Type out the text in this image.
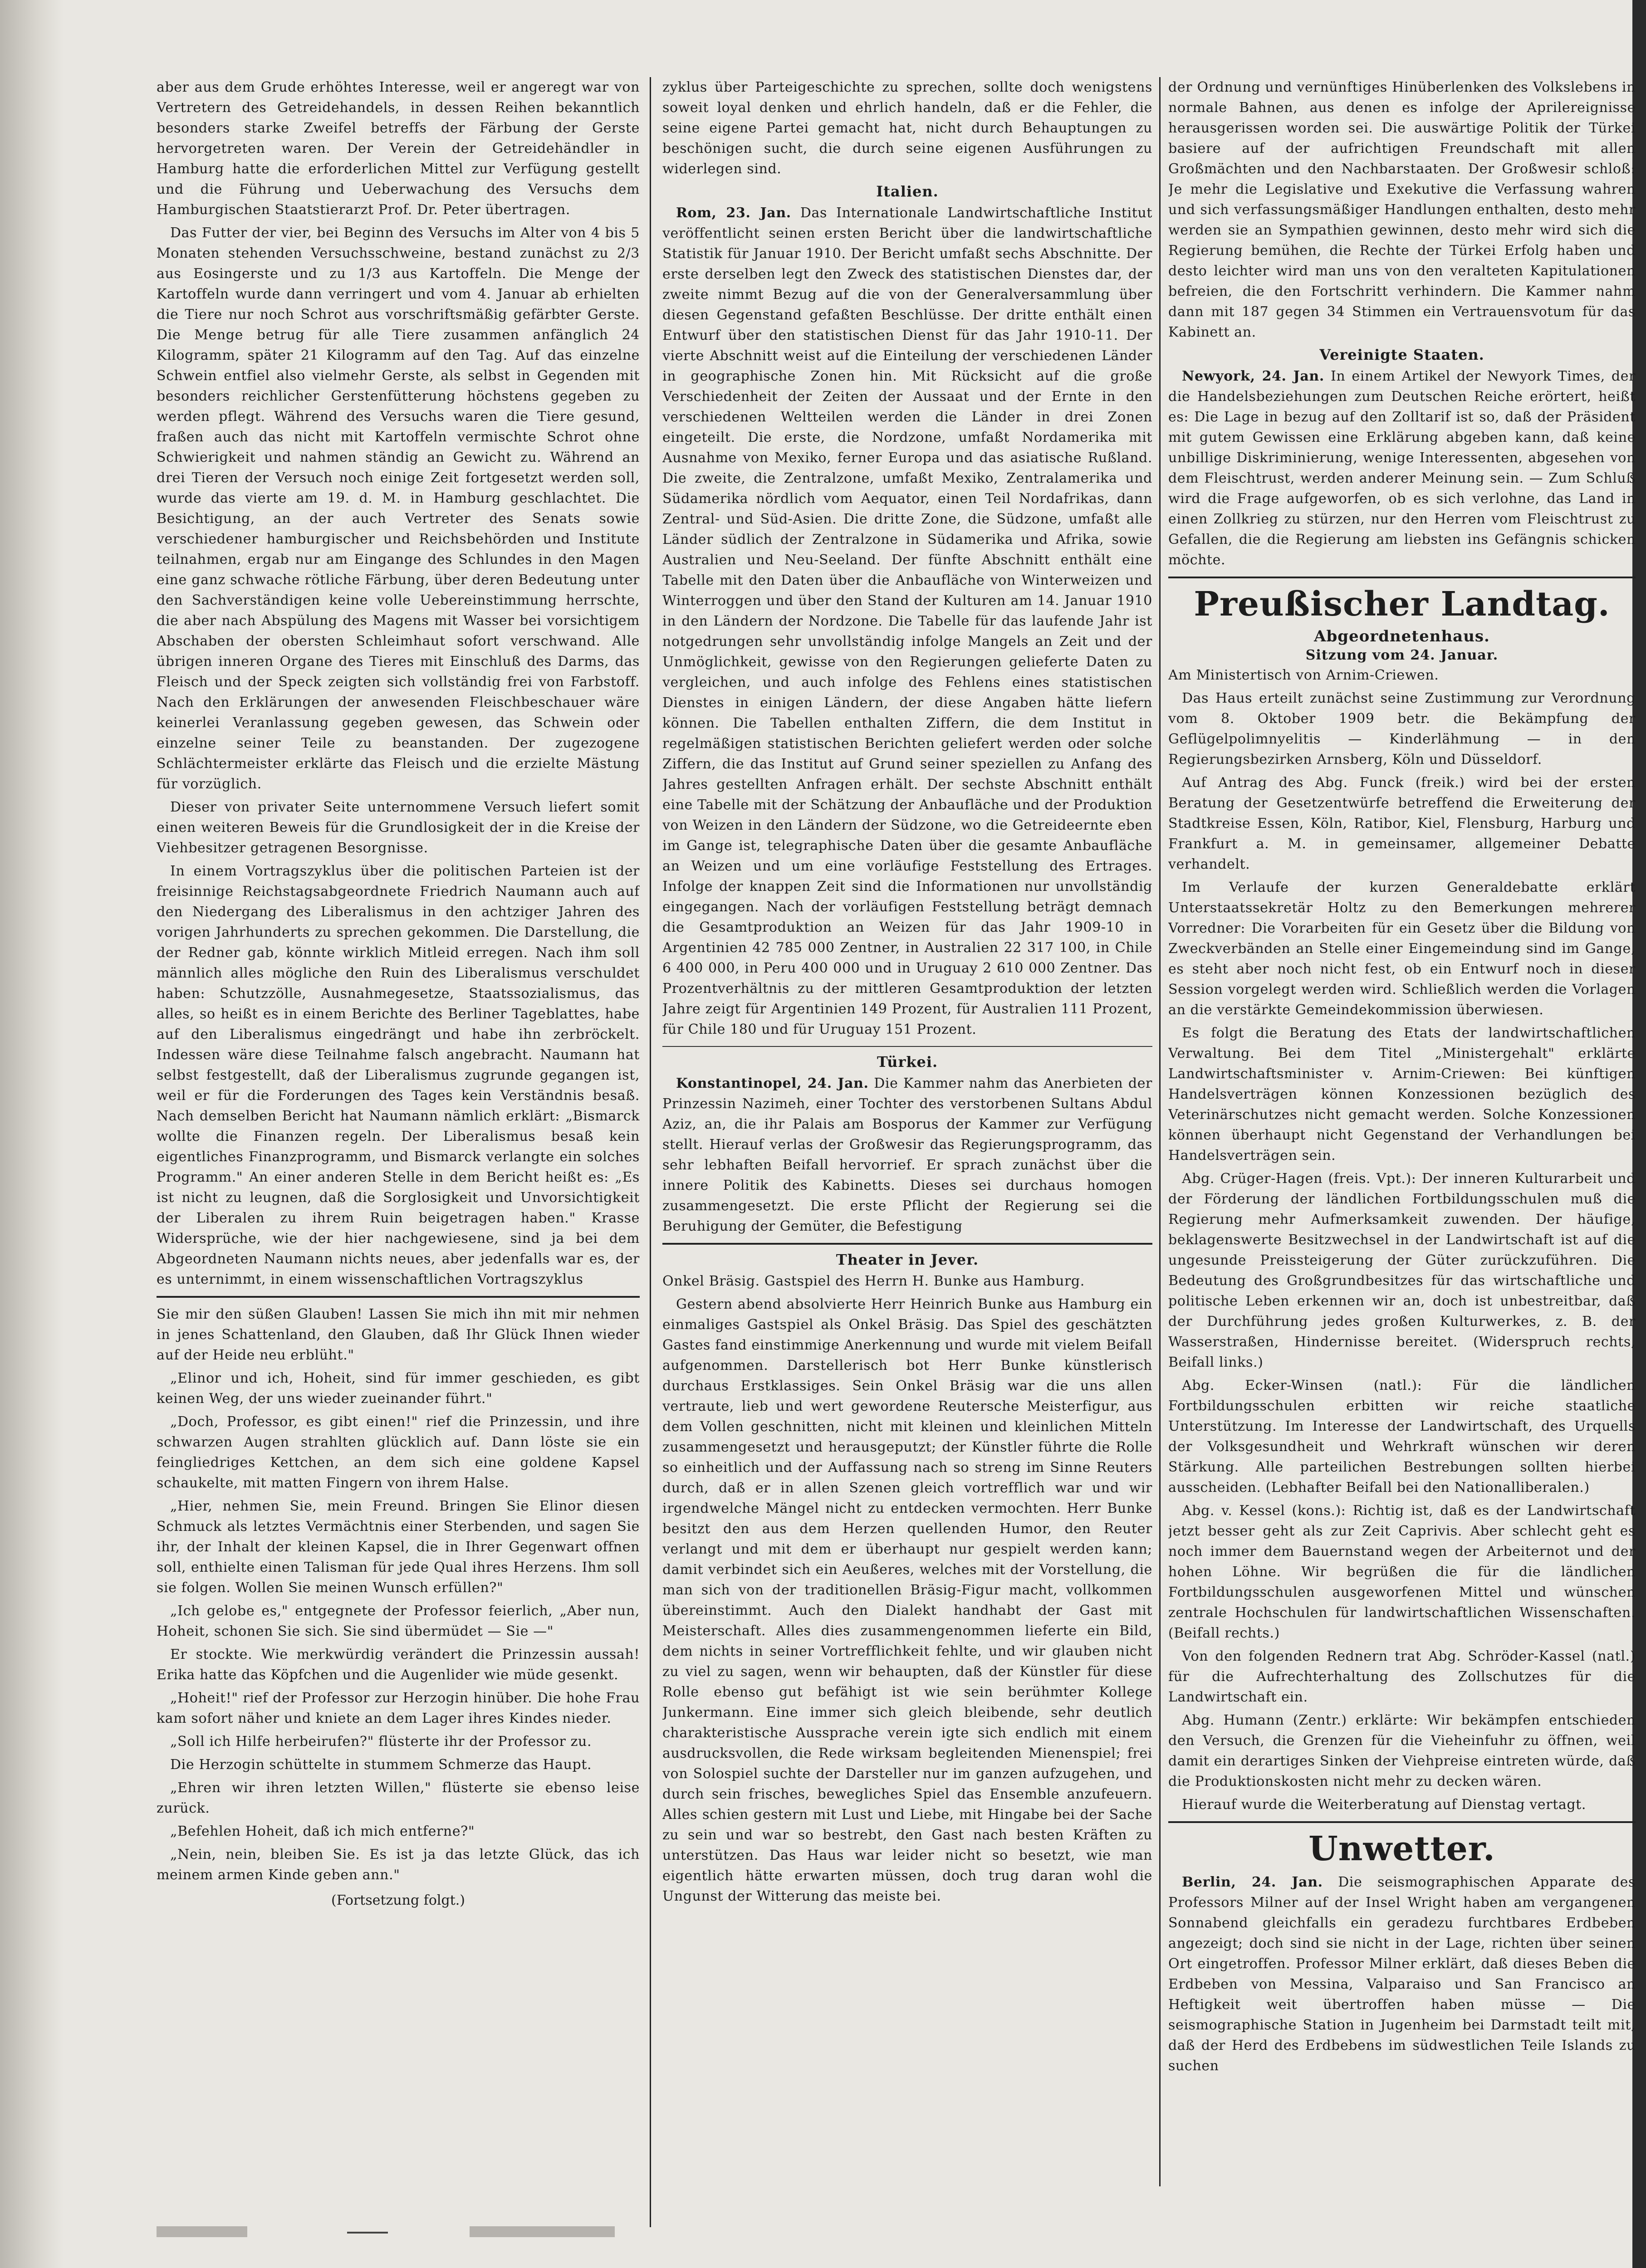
aber aus dem Grude erhöhtes Interesse, weil er angeregt war von Vertretern des Getreidehandels, in dessen Reihen bekanntlich besonders starke Zweifel betreffs der Färbung der Gerste hervorgetreten waren. Der Verein der Getreidehändler in Hamburg hatte die erforderlichen Mittel zur Verfügung gestellt und die Führung und Ueberwachung des Versuchs dem Hamburgischen Staatstierarzt Prof. Dr. Peter übertragen.

Das Futter der vier, bei Beginn des Versuchs im Alter von 4 bis 5 Monaten stehenden Versuchsschweine, bestand zunächst zu 2/3 aus Eosingerste und zu 1/3 aus Kartoffeln. Die Menge der Kartoffeln wurde dann verringert und vom 4. Januar ab erhielten die Tiere nur noch Schrot aus vorschriftsmäßig gefärbter Gerste. Die Menge betrug für alle Tiere zusammen anfänglich 24 Kilogramm, später 21 Kilogramm auf den Tag. Auf das einzelne Schwein entfiel also vielmehr Gerste, als selbst in Gegenden mit besonders reichlicher Gerstenfütterung höchstens gegeben zu werden pflegt. Während des Versuchs waren die Tiere gesund, fraßen auch das nicht mit Kartoffeln vermischte Schrot ohne Schwierigkeit und nahmen ständig an Gewicht zu. Während an drei Tieren der Versuch noch einige Zeit fortgesetzt werden soll, wurde das vierte am 19. d. M. in Hamburg geschlachtet. Die Besichtigung, an der auch Vertreter des Senats sowie verschiedener hamburgischer und Reichsbehörden und Institute teilnahmen, ergab nur am Eingange des Schlundes in den Magen eine ganz schwache rötliche Färbung, über deren Bedeutung unter den Sachverständigen keine volle Uebereinstimmung herrschte, die aber nach Abspülung des Magens mit Wasser bei vorsichtigem Abschaben der obersten Schleimhaut sofort verschwand. Alle übrigen inneren Organe des Tieres mit Einschluß des Darms, das Fleisch und der Speck zeigten sich vollständig frei von Farbstoff. Nach den Erklärungen der anwesenden Fleischbeschauer wäre keinerlei Veranlassung gegeben gewesen, das Schwein oder einzelne seiner Teile zu beanstanden. Der zugezogene Schlächtermeister erklärte das Fleisch und die erzielte Mästung für vorzüglich.

Dieser von privater Seite unternommene Versuch liefert somit einen weiteren Beweis für die Grundlosigkeit der in die Kreise der Viehbesitzer getragenen Besorgnisse.

In einem Vortragszyklus über die politischen Parteien ist der freisinnige Reichstagsabgeordnete Friedrich Naumann auch auf den Niedergang des Liberalismus in den achtziger Jahren des vorigen Jahrhunderts zu sprechen gekommen. Die Darstellung, die der Redner gab, könnte wirklich Mitleid erregen. Nach ihm soll männlich alles mögliche den Ruin des Liberalismus verschuldet haben: Schutzzölle, Ausnahmegesetze, Staatssozialismus, das alles, so heißt es in einem Berichte des Berliner Tageblattes, habe auf den Liberalismus eingedrängt und habe ihn zerbröckelt. Indessen wäre diese Teilnahme falsch angebracht. Naumann hat selbst festgestellt, daß der Liberalismus zugrunde gegangen ist, weil er für die Forderungen des Tages kein Verständnis besaß. Nach demselben Bericht hat Naumann nämlich erklärt: „Bismarck wollte die Finanzen regeln. Der Liberalismus besaß kein eigentliches Finanzprogramm, und Bismarck verlangte ein solches Programm." An einer anderen Stelle in dem Bericht heißt es: „Es ist nicht zu leugnen, daß die Sorglosigkeit und Unvorsichtigkeit der Liberalen zu ihrem Ruin beigetragen haben." Krasse Widersprüche, wie der hier nachgewiesene, sind ja bei dem Abgeordneten Naumann nichts neues, aber jedenfalls war es, der es unternimmt, in einem wissenschaftlichen Vortragszyklus

Sie mir den süßen Glauben! Lassen Sie mich ihn mit mir nehmen in jenes Schattenland, den Glauben, daß Ihr Glück Ihnen wieder auf der Heide neu erblüht."

„Elinor und ich, Hoheit, sind für immer geschieden, es gibt keinen Weg, der uns wieder zueinander führt."

„Doch, Professor, es gibt einen!" rief die Prinzessin, und ihre schwarzen Augen strahlten glücklich auf. Dann löste sie ein feingliedriges Kettchen, an dem sich eine goldene Kapsel schaukelte, mit matten Fingern von ihrem Halse.

„Hier, nehmen Sie, mein Freund. Bringen Sie Elinor diesen Schmuck als letztes Vermächtnis einer Sterbenden, und sagen Sie ihr, der Inhalt der kleinen Kapsel, die in Ihrer Gegenwart offnen soll, enthielte einen Talisman für jede Qual ihres Herzens. Ihm soll sie folgen. Wollen Sie meinen Wunsch erfüllen?"

„Ich gelobe es," entgegnete der Professor feierlich, „Aber nun, Hoheit, schonen Sie sich. Sie sind übermüdet — Sie —"

Er stockte. Wie merkwürdig verändert die Prinzessin aussah! Erika hatte das Köpfchen und die Augenlider wie müde gesenkt.

„Hoheit!" rief der Professor zur Herzogin hinüber. Die hohe Frau kam sofort näher und kniete an dem Lager ihres Kindes nieder.

„Soll ich Hilfe herbeirufen?" flüsterte ihr der Professor zu.

Die Herzogin schüttelte in stummem Schmerze das Haupt.

„Ehren wir ihren letzten Willen," flüsterte sie ebenso leise zurück.

„Befehlen Hoheit, daß ich mich entferne?"

„Nein, nein, bleiben Sie. Es ist ja das letzte Glück, das ich meinem armen Kinde geben ann."

(Fortsetzung folgt.)

zyklus über Parteigeschichte zu sprechen, sollte doch wenigstens soweit loyal denken und ehrlich handeln, daß er die Fehler, die seine eigene Partei gemacht hat, nicht durch Behauptungen zu beschönigen sucht, die durch seine eigenen Ausführungen zu widerlegen sind.

Italien.

Rom, 23. Jan. Das Internationale Landwirtschaftliche Institut veröffentlicht seinen ersten Bericht über die landwirtschaftliche Statistik für Januar 1910. Der Bericht umfaßt sechs Abschnitte. Der erste derselben legt den Zweck des statistischen Dienstes dar, der zweite nimmt Bezug auf die von der Generalversammlung über diesen Gegenstand gefaßten Beschlüsse. Der dritte enthält einen Entwurf über den statistischen Dienst für das Jahr 1910-11. Der vierte Abschnitt weist auf die Einteilung der verschiedenen Länder in geographische Zonen hin. Mit Rücksicht auf die große Verschiedenheit der Zeiten der Aussaat und der Ernte in den verschiedenen Weltteilen werden die Länder in drei Zonen eingeteilt. Die erste, die Nordzone, umfaßt Nordamerika mit Ausnahme von Mexiko, ferner Europa und das asiatische Rußland. Die zweite, die Zentralzone, umfaßt Mexiko, Zentralamerika und Südamerika nördlich vom Aequator, einen Teil Nordafrikas, dann Zentral- und Süd-Asien. Die dritte Zone, die Südzone, umfaßt alle Länder südlich der Zentralzone in Südamerika und Afrika, sowie Australien und Neu-Seeland. Der fünfte Abschnitt enthält eine Tabelle mit den Daten über die Anbaufläche von Winterweizen und Winterroggen und über den Stand der Kulturen am 14. Januar 1910 in den Ländern der Nordzone. Die Tabelle für das laufende Jahr ist notgedrungen sehr unvollständig infolge Mangels an Zeit und der Unmöglichkeit, gewisse von den Regierungen gelieferte Daten zu vergleichen, und auch infolge des Fehlens eines statistischen Dienstes in einigen Ländern, der diese Angaben hätte liefern können. Die Tabellen enthalten Ziffern, die dem Institut in regelmäßigen statistischen Berichten geliefert werden oder solche Ziffern, die das Institut auf Grund seiner speziellen zu Anfang des Jahres gestellten Anfragen erhält. Der sechste Abschnitt enthält eine Tabelle mit der Schätzung der Anbaufläche und der Produktion von Weizen in den Ländern der Südzone, wo die Getreideernte eben im Gange ist, telegraphische Daten über die gesamte Anbaufläche an Weizen und um eine vorläufige Feststellung des Ertrages. Infolge der knappen Zeit sind die Informationen nur unvollständig eingegangen. Nach der vorläufigen Feststellung beträgt demnach die Gesamtproduktion an Weizen für das Jahr 1909-10 in Argentinien 42 785 000 Zentner, in Australien 22 317 100, in Chile 6 400 000, in Peru 400 000 und in Uruguay 2 610 000 Zentner. Das Prozentverhältnis zu der mittleren Gesamtproduktion der letzten Jahre zeigt für Argentinien 149 Prozent, für Australien 111 Prozent, für Chile 180 und für Uruguay 151 Prozent.

Türkei.

Konstantinopel, 24. Jan. Die Kammer nahm das Anerbieten der Prinzessin Nazimeh, einer Tochter des verstorbenen Sultans Abdul Aziz, an, die ihr Palais am Bosporus der Kammer zur Verfügung stellt. Hierauf verlas der Großwesir das Regierungsprogramm, das sehr lebhaften Beifall hervorrief. Er sprach zunächst über die innere Politik des Kabinetts. Dieses sei durchaus homogen zusammengesetzt. Die erste Pflicht der Regierung sei die Beruhigung der Gemüter, die Befestigung

Theater in Jever.

Onkel Bräsig. Gastspiel des Herrn H. Bunke aus Hamburg.

Gestern abend absolvierte Herr Heinrich Bunke aus Hamburg ein einmaliges Gastspiel als Onkel Bräsig. Das Spiel des geschätzten Gastes fand einstimmige Anerkennung und wurde mit vielem Beifall aufgenommen. Darstellerisch bot Herr Bunke künstlerisch durchaus Erstklassiges. Sein Onkel Bräsig war die uns allen vertraute, lieb und wert gewordene Reutersche Meisterfigur, aus dem Vollen geschnitten, nicht mit kleinen und kleinlichen Mitteln zusammengesetzt und herausgeputzt; der Künstler führte die Rolle so einheitlich und der Auffassung nach so streng im Sinne Reuters durch, daß er in allen Szenen gleich vortrefflich war und wir irgendwelche Mängel nicht zu entdecken vermochten. Herr Bunke besitzt den aus dem Herzen quellenden Humor, den Reuter verlangt und mit dem er überhaupt nur gespielt werden kann; damit verbindet sich ein Aeußeres, welches mit der Vorstellung, die man sich von der traditionellen Bräsig-Figur macht, vollkommen übereinstimmt. Auch den Dialekt handhabt der Gast mit Meisterschaft. Alles dies zusammengenommen lieferte ein Bild, dem nichts in seiner Vortrefflichkeit fehlte, und wir glauben nicht zu viel zu sagen, wenn wir behaupten, daß der Künstler für diese Rolle ebenso gut befähigt ist wie sein berühmter Kollege Junkermann. Eine immer sich gleich bleibende, sehr deutlich charakteristische Aussprache verein igte sich endlich mit einem ausdrucksvollen, die Rede wirksam begleitenden Mienenspiel; frei von Solospiel suchte der Darsteller nur im ganzen aufzugehen, und durch sein frisches, bewegliches Spiel das Ensemble anzufeuern. Alles schien gestern mit Lust und Liebe, mit Hingabe bei der Sache zu sein und war so bestrebt, den Gast nach besten Kräften zu unterstützen. Das Haus war leider nicht so besetzt, wie man eigentlich hätte erwarten müssen, doch trug daran wohl die Ungunst der Witterung das meiste bei.

der Ordnung und vernünftiges Hinüberlenken des Volkslebens in normale Bahnen, aus denen es infolge der Aprilereignisse herausgerissen worden sei. Die auswärtige Politik der Türkei basiere auf der aufrichtigen Freundschaft mit allen Großmächten und den Nachbarstaaten. Der Großwesir schloß: Je mehr die Legislative und Exekutive die Verfassung wahren und sich verfassungsmäßiger Handlungen enthalten, desto mehr werden sie an Sympathien gewinnen, desto mehr wird sich die Regierung bemühen, die Rechte der Türkei Erfolg haben und desto leichter wird man uns von den veralteten Kapitulationen befreien, die den Fortschritt verhindern. Die Kammer nahm dann mit 187 gegen 34 Stimmen ein Vertrauensvotum für das Kabinett an.

Vereinigte Staaten.

Newyork, 24. Jan. In einem Artikel der Newyork Times, der die Handelsbeziehungen zum Deutschen Reiche erörtert, heißt es: Die Lage in bezug auf den Zolltarif ist so, daß der Präsident mit gutem Gewissen eine Erklärung abgeben kann, daß keine unbillige Diskriminierung, wenige Interessenten, abgesehen von dem Fleischtrust, werden anderer Meinung sein. — Zum Schluß wird die Frage aufgeworfen, ob es sich verlohne, das Land in einen Zollkrieg zu stürzen, nur den Herren vom Fleischtrust zu Gefallen, die die Regierung am liebsten ins Gefängnis schicken möchte.

Preußischer Landtag.
Abgeordnetenhaus.
Sitzung vom 24. Januar.

Am Ministertisch von Arnim-Criewen.

Das Haus erteilt zunächst seine Zustimmung zur Verordnung vom 8. Oktober 1909 betr. die Bekämpfung der Geflügelpolimnyelitis — Kinderlähmung — in den Regierungsbezirken Arnsberg, Köln und Düsseldorf.

Auf Antrag des Abg. Funck (freik.) wird bei der ersten Beratung der Gesetzentwürfe betreffend die Erweiterung der Stadtkreise Essen, Köln, Ratibor, Kiel, Flensburg, Harburg und Frankfurt a. M. in gemeinsamer, allgemeiner Debatte verhandelt.

Im Verlaufe der kurzen Generaldebatte erklärt Unterstaatssekretär Holtz zu den Bemerkungen mehrerer Vorredner: Die Vorarbeiten für ein Gesetz über die Bildung von Zweckverbänden an Stelle einer Eingemeindung sind im Gange, es steht aber noch nicht fest, ob ein Entwurf noch in dieser Session vorgelegt werden wird. Schließlich werden die Vorlagen an die verstärkte Gemeindekommission überwiesen.

Es folgt die Beratung des Etats der landwirtschaftlichen Verwaltung. Bei dem Titel „Ministergehalt" erklärte Landwirtschaftsminister v. Arnim-Criewen: Bei künftigen Handelsverträgen können Konzessionen bezüglich des Veterinärschutzes nicht gemacht werden. Solche Konzessionen können überhaupt nicht Gegenstand der Verhandlungen bei Handelsverträgen sein.

Abg. Crüger-Hagen (freis. Vpt.): Der inneren Kulturarbeit und der Förderung der ländlichen Fortbildungsschulen muß die Regierung mehr Aufmerksamkeit zuwenden. Der häufige, beklagenswerte Besitzwechsel in der Landwirtschaft ist auf die ungesunde Preissteigerung der Güter zurückzuführen. Die Bedeutung des Großgrundbesitzes für das wirtschaftliche und politische Leben erkennen wir an, doch ist unbestreitbar, daß der Durchführung jedes großen Kulturwerkes, z. B. der Wasserstraßen, Hindernisse bereitet. (Widerspruch rechts, Beifall links.)

Abg. Ecker-Winsen (natl.): Für die ländlichen Fortbildungsschulen erbitten wir reiche staatliche Unterstützung. Im Interesse der Landwirtschaft, des Urquells der Volksgesundheit und Wehrkraft wünschen wir deren Stärkung. Alle parteilichen Bestrebungen sollten hierbei ausscheiden. (Lebhafter Beifall bei den Nationalliberalen.)

Abg. v. Kessel (kons.): Richtig ist, daß es der Landwirtschaft jetzt besser geht als zur Zeit Caprivis. Aber schlecht geht es noch immer dem Bauernstand wegen der Arbeiternot und der hohen Löhne. Wir begrüßen die für die ländlichen Fortbildungsschulen ausgeworfenen Mittel und wünschen zentrale Hochschulen für landwirtschaftlichen Wissenschaften. (Beifall rechts.)

Von den folgenden Rednern trat Abg. Schröder-Kassel (natl.) für die Aufrechterhaltung des Zollschutzes für die Landwirtschaft ein.

Abg. Humann (Zentr.) erklärte: Wir bekämpfen entschieden den Versuch, die Grenzen für die Vieheinfuhr zu öffnen, weil damit ein derartiges Sinken der Viehpreise eintreten würde, daß die Produktionskosten nicht mehr zu decken wären.

Hierauf wurde die Weiterberatung auf Dienstag vertagt.

Unwetter.

Berlin, 24. Jan. Die seismographischen Apparate des Professors Milner auf der Insel Wright haben am vergangenen Sonnabend gleichfalls ein geradezu furchtbares Erdbeben angezeigt; doch sind sie nicht in der Lage, richten über seinen Ort eingetroffen. Professor Milner erklärt, daß dieses Beben die Erdbeben von Messina, Valparaiso und San Francisco an Heftigkeit weit übertroffen haben müsse — Die seismographische Station in Jugenheim bei Darmstadt teilt mit, daß der Herd des Erdbebens im südwestlichen Teile Islands zu suchen
